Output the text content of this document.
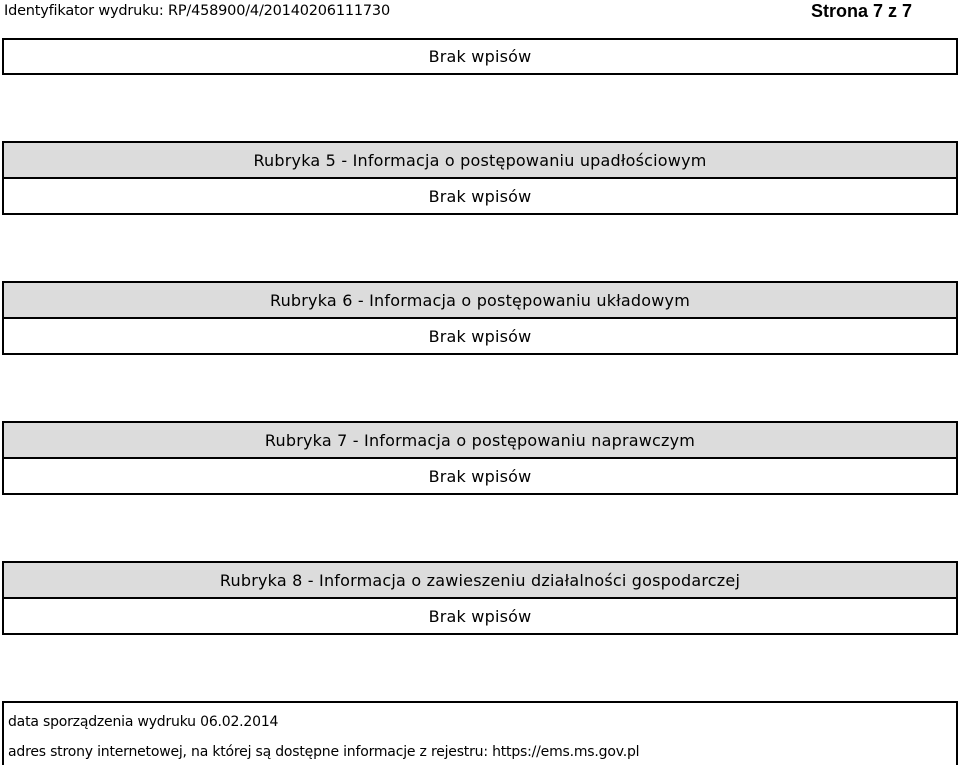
Identyfikator wydruku: RP/458900/4/20140206111730	Strona 7 z 7
Brak wpisów
Rubryka 5 - Informacja o postępowaniu upadłościowym
Brak wpisów
Rubryka 6 - Informacja o postępowaniu układowym
Brak wpisów
Rubryka 7 - Informacja o postępowaniu naprawczym
Brak wpisów
Rubryka 8 - Informacja o zawieszeniu działalności gospodarczej
Brak wpisów
data sporządzenia wydruku 06.02.2014
adres strony internetowej, na której są dostępne informacje z rejestru: https://ems.ms.gov.pl
